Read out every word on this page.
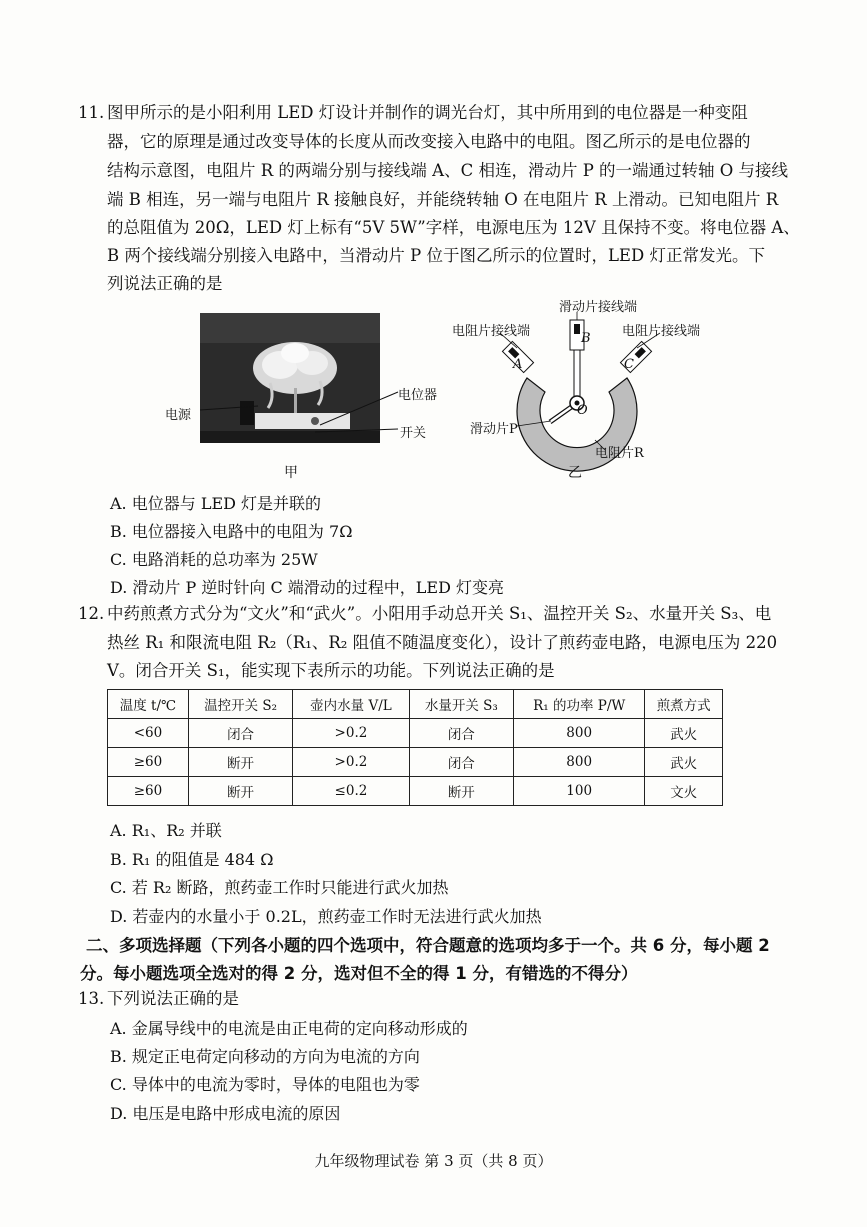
11. 图甲所示的是小阳利用 LED 灯设计并制作的调光台灯，其中所用到的电位器是一种变阻
器，它的原理是通过改变导体的长度从而改变接入电路中的电阻。图乙所示的是电位器的
结构示意图，电阻片 R 的两端分别与接线端 A、C 相连，滑动片 P 的一端通过转轴 O 与接线
端 B 相连，另一端与电阻片 R 接触良好，并能绕转轴 O 在电阻片 R 上滑动。已知电阻片 R
的总阻值为 20Ω，LED 灯上标有“5V 5W”字样，电源电压为 12V 且保持不变。将电位器 A、
B 两个接线端分别接入电路中，当滑动片 P 位于图乙所示的位置时，LED 灯正常发光。下
列说法正确的是
电源
电位器
开关
甲
滑动片接线端
电阻片接线端	电阻片接线端
A
B
C
O
滑动片P
电阻片R
乙
A. 电位器与 LED 灯是并联的
B. 电位器接入电路中的电阻为 7Ω
C. 电路消耗的总功率为 25W
D. 滑动片 P 逆时针向 C 端滑动的过程中，LED 灯变亮
12. 中药煎煮方式分为“文火”和“武火”。小阳用手动总开关 S₁、温控开关 S₂、水量开关 S₃、电
热丝 R₁ 和限流电阻 R₂（R₁、R₂ 阻值不随温度变化），设计了煎药壶电路，电源电压为 220
V。闭合开关 S₁，能实现下表所示的功能。下列说法正确的是
温度 t/℃	温控开关 S₂	壶内水量 V/L	水量开关 S₃	R₁ 的功率 P/W	煎煮方式
<60	闭合	>0.2	闭合	800	武火
≥60	断开	>0.2	闭合	800	武火
≥60	断开	≤0.2	断开	100	文火
A. R₁、R₂ 并联
B. R₁ 的阻值是 484 Ω
C. 若 R₂ 断路，煎药壶工作时只能进行武火加热
D. 若壶内的水量小于 0.2L，煎药壶工作时无法进行武火加热
二、多项选择题（下列各小题的四个选项中，符合题意的选项均多于一个。共 6 分，每小题 2
分。每小题选项全选对的得 2 分，选对但不全的得 1 分，有错选的不得分）
13. 下列说法正确的是
A. 金属导线中的电流是由正电荷的定向移动形成的
B. 规定正电荷定向移动的方向为电流的方向
C. 导体中的电流为零时，导体的电阻也为零
D. 电压是电路中形成电流的原因
九年级物理试卷 第 3 页（共 8 页）
